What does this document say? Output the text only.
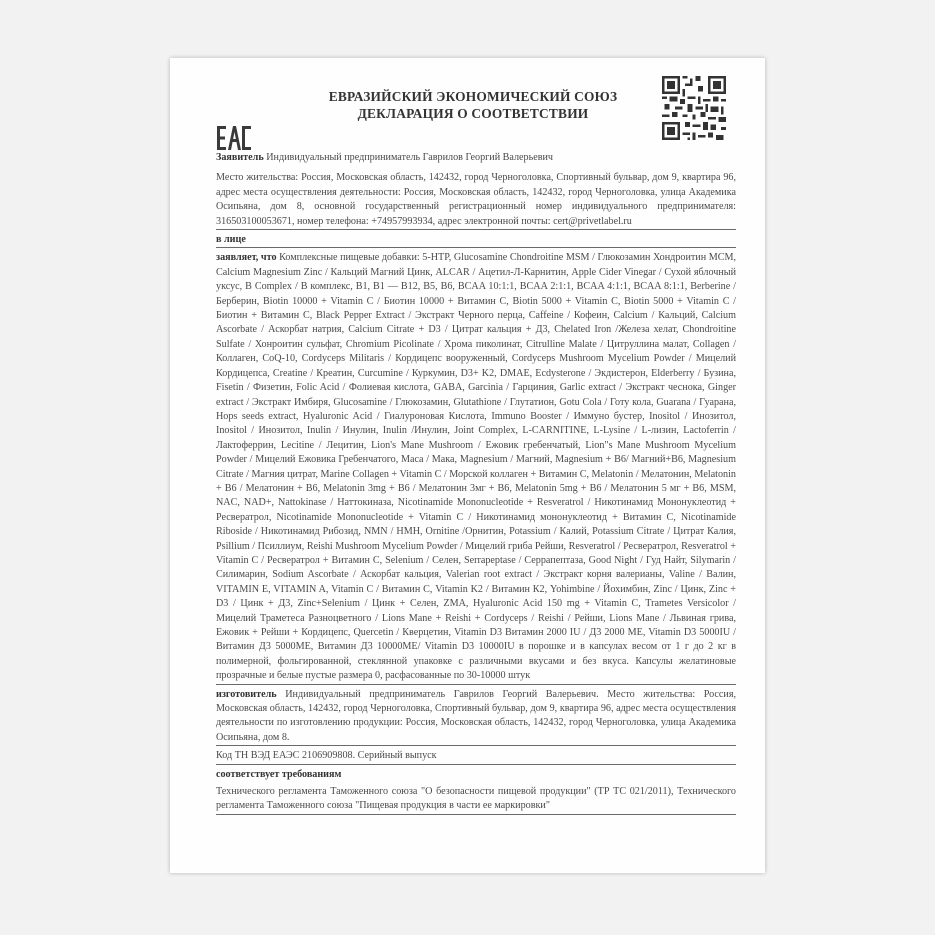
ЕВРАЗИЙСКИЙ ЭКОНОМИЧЕСКИЙ СОЮЗ
ДЕКЛАРАЦИЯ О СООТВЕТСТВИИ

Заявитель Индивидуальный предприниматель Гаврилов Георгий Валерьевич

Место жительства: Россия, Московская область, 142432, город Черноголовка, Спортивный бульвар, дом 9, квартира 96, адрес места осуществления деятельности: Россия, Московская область, 142432, город Черноголовка, улица Академика Осипьяна, дом 8, основной государственный регистрационный номер индивидуального предпринимателя: 316503100053671, номер телефона: +74957993934, адрес электронной почты: cert@privetlabel.ru

в лице

заявляет, что Комплексные пищевые добавки: 5-HTP, Glucosamine Chondroitine MSM / Глюкозамин Хондроитин МСМ, Calcium Magnesium Zinc / Кальций Магний Цинк, ALCAR / Ацетил-Л-Карнитин, Apple Cider Vinegar / Сухой яблочный уксус, B Complex / В комплекс, B1, B1 — B12, B5, B6, BCAA 10:1:1, BCAA 2:1:1, BCAA 4:1:1, BCAA 8:1:1, Berberine / Берберин, Biotin 10000 + Vitamin C / Биотин 10000 + Витамин С, Biotin 5000 + Vitamin C, Biotin 5000 + Vitamin C / Биотин + Витамин С, Black Pepper Extract / Экстракт Черного перца, Caffeine / Кофеин, Calcium / Кальций, Calcium Ascorbate / Аскорбат натрия, Calcium Citrate + D3 / Цитрат кальция + Д3, Chelated Iron /Железа хелат, Chondroitine Sulfate / Хонроитин сульфат, Chromium Picolinate / Хрома пиколинат, Citrulline Malate / Цитруллина малат, Collagen / Коллаген, CoQ-10, Cordyceps Militaris / Кордицепс вооруженный, Cordyceps Mushroom Mycelium Powder / Мицелий Кордицепса, Creatine / Креатин, Curcumine / Куркумин, D3+ K2, DMAE, Ecdysterone / Экдистерон, Elderberry / Бузина, Fisetin / Физетин, Folic Acid / Фолиевая кислота, GABA, Garcinia / Гарциния, Garlic extract / Экстракт чеснока, Ginger extract / Экстракт Имбиря, Glucosamine / Глюкозамин, Glutathione / Глутатион, Gotu Cola / Готу кола, Guarana / Гуарана, Hops seeds extract, Hyaluronic Acid / Гиалуроновая Кислота, Immuno Booster / Иммуно бустер, Inositol / Инозитол, Inositol / Инозитол, Inulin / Инулин, Inulin /Инулин, Joint Complex, L-CARNITINE, L-Lysine / L-лизин, Lactoferrin / Лактоферрин, Lecitine / Лецитин, Lion's Mane Mushroom / Ежовик гребенчатый, Lion"s Mane Mushroom Mycelium Powder / Мицелий Ежовика Гребенчатого, Maca / Мака, Magnesium / Магний, Magnesium + B6/ Магний+В6, Magnesium Citrate / Магния цитрат, Marine Collagen + Vitamin C / Морской коллаген + Витамин С, Melatonin / Мелатонин, Melatonin + B6 / Мелатонин + В6, Melatonin 3mg + B6 / Мелатонин 3мг + В6, Melatonin 5mg + B6 / Мелатонин 5 мг + В6, MSM, NAC, NAD+, Nattokinase / Наттокиназа, Nicotinamide Mononucleotide + Resveratrol / Никотинамид Мононуклеотид + Ресвератрол, Nicotinamide Mononucleotide + Vitamin C / Никотинамид мононуклеотид + Витамин С, Nicotinamide Riboside / Никотинамид Рибозид, NMN / НМН, Ornitine /Орнитин, Potassium / Калий, Potassium Citrate / Цитрат Калия, Psillium / Псиллиум, Reishi Mushroom Mycelium Powder / Мицелий гриба Рейши, Resveratrol / Ресвератрол, Resveratrol + Vitamin C / Ресвератрол + Витамин С, Selenium / Селен, Serrapeptase / Серрапептаза, Good Night / Гуд Найт, Silymarin / Силимарин, Sodium Ascorbate / Аскорбат кальция, Valerian root extract / Экстракт корня валерианы, Valine / Валин, VITAMIN E, VITAMIN A, Vitamin C / Витамин С, Vitamin K2 / Витамин К2, Yohimbine / Йохимбин, Zinc / Цинк, Zinc + D3 / Цинк + Д3, Zinc+Selenium / Цинк + Селен, ZMA, Hyaluronic Acid 150 mg + Vitamin C, Trametes Versicolor / Мицелий Траметеса Разноцветного / Lions Mane + Reishi + Cordyceps / Reishi / Рейши, Lions Mane / Львиная грива, Ежовик + Рейши + Кордицепс, Quercetin / Кверцетин, Vitamin D3 Витамин 2000 IU / Д3 2000 ME, Vitamin D3 5000IU / Витамин Д3 5000ME, Витамин Д3 10000ME/ Vitamin D3 10000IU в порошке и в капсулах весом от 1 г до 2 кг в полимерной, фольгированной, стеклянной упаковке с различными вкусами и без вкуса. Капсулы желатиновые прозрачные и белые пустые размера 0, расфасованные по 30-10000 штук

изготовитель Индивидуальный предприниматель Гаврилов Георгий Валерьевич. Место жительства: Россия, Московская область, 142432, город Черноголовка, Спортивный бульвар, дом 9, квартира 96, адрес места осуществления деятельности по изготовлению продукции: Россия, Московская область, 142432, город Черноголовка, улица Академика Осипьяна, дом 8.

Код ТН ВЭД ЕАЭС 2106909808. Серийный выпуск

соответствует требованиям

Технического регламента Таможенного союза "О безопасности пищевой продукции" (ТР ТС 021/2011), Технического регламента Таможенного союза "Пищевая продукция в части ее маркировки"
